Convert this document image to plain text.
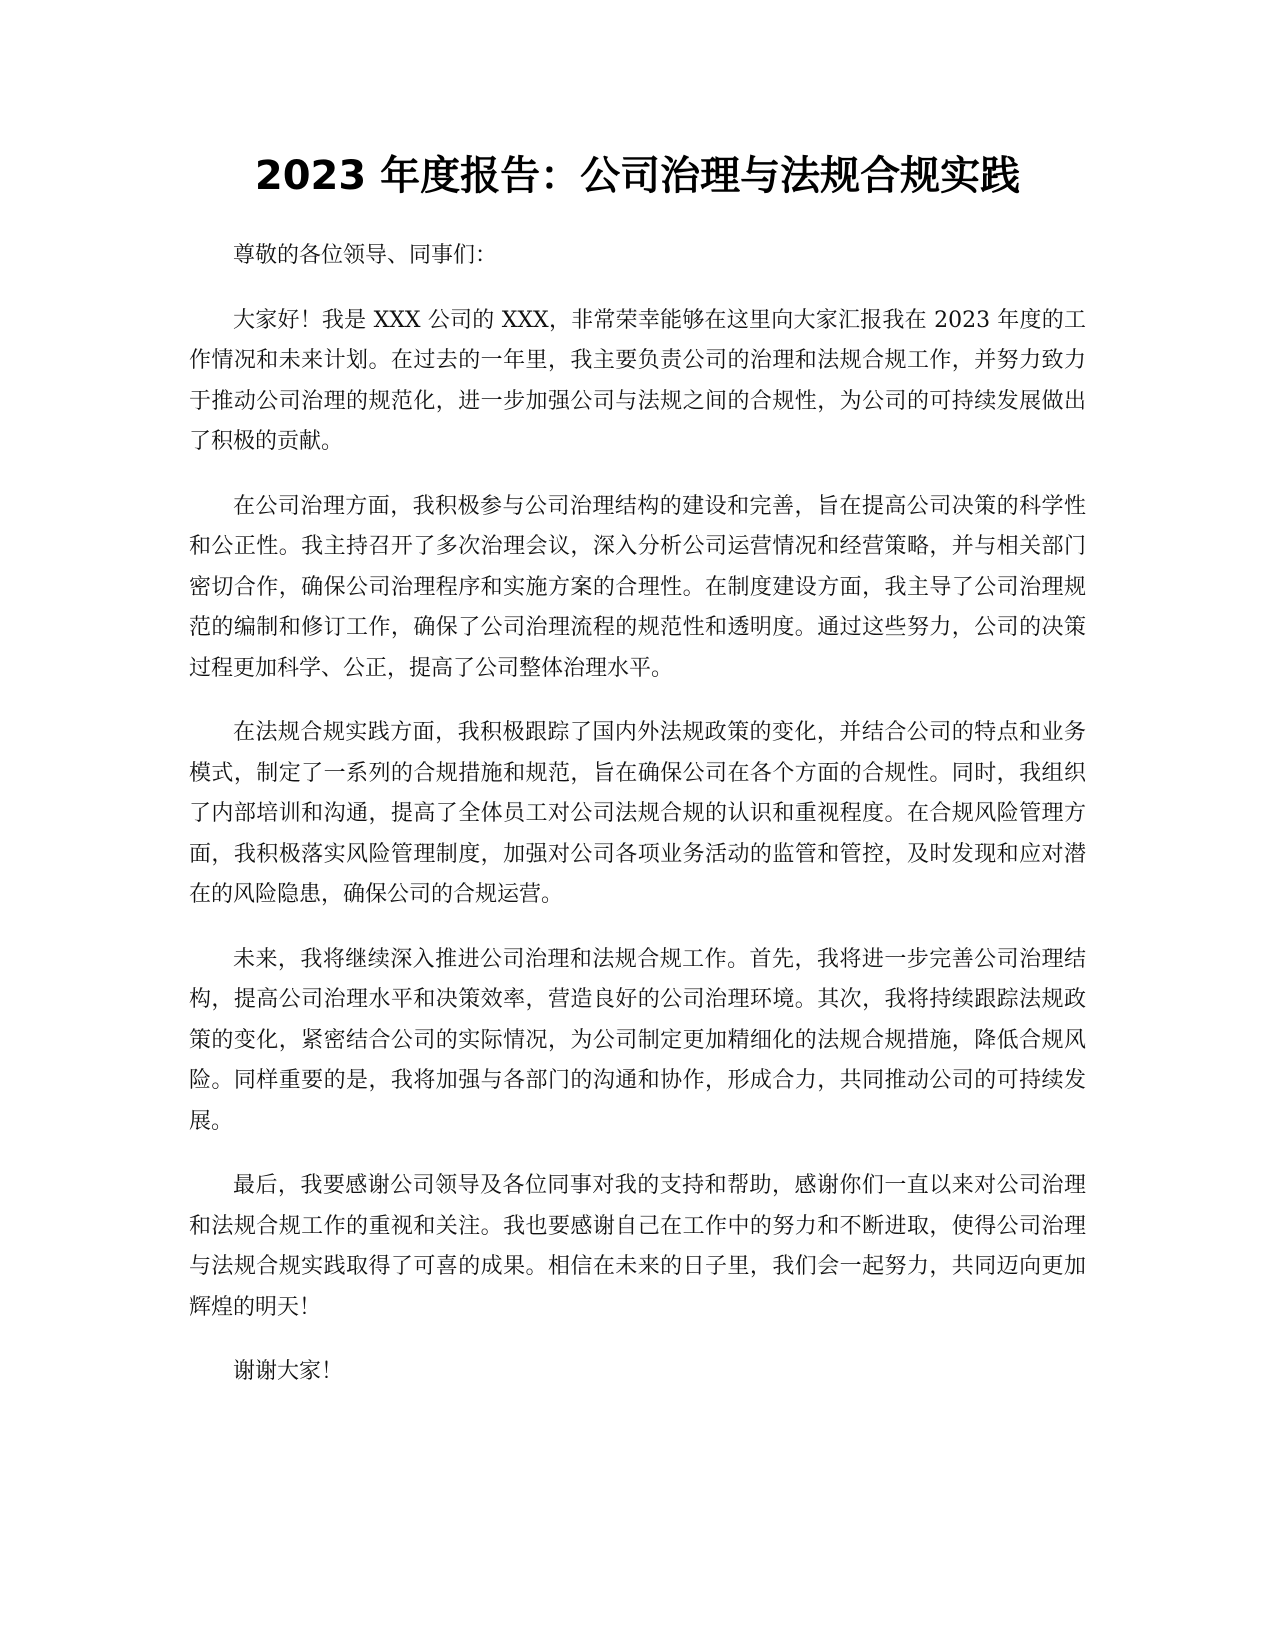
2023 年度报告：公司治理与法规合规实践

尊敬的各位领导、同事们：

大家好！我是 XXX 公司的 XXX，非常荣幸能够在这里向大家汇报我在 2023 年度的工作情况和未来计划。在过去的一年里，我主要负责公司的治理和法规合规工作，并努力致力于推动公司治理的规范化，进一步加强公司与法规之间的合规性，为公司的可持续发展做出了积极的贡献。

在公司治理方面，我积极参与公司治理结构的建设和完善，旨在提高公司决策的科学性和公正性。我主持召开了多次治理会议，深入分析公司运营情况和经营策略，并与相关部门密切合作，确保公司治理程序和实施方案的合理性。在制度建设方面，我主导了公司治理规范的编制和修订工作，确保了公司治理流程的规范性和透明度。通过这些努力，公司的决策过程更加科学、公正，提高了公司整体治理水平。

在法规合规实践方面，我积极跟踪了国内外法规政策的变化，并结合公司的特点和业务模式，制定了一系列的合规措施和规范，旨在确保公司在各个方面的合规性。同时，我组织了内部培训和沟通，提高了全体员工对公司法规合规的认识和重视程度。在合规风险管理方面，我积极落实风险管理制度，加强对公司各项业务活动的监管和管控，及时发现和应对潜在的风险隐患，确保公司的合规运营。

未来，我将继续深入推进公司治理和法规合规工作。首先，我将进一步完善公司治理结构，提高公司治理水平和决策效率，营造良好的公司治理环境。其次，我将持续跟踪法规政策的变化，紧密结合公司的实际情况，为公司制定更加精细化的法规合规措施，降低合规风险。同样重要的是，我将加强与各部门的沟通和协作，形成合力，共同推动公司的可持续发展。

最后，我要感谢公司领导及各位同事对我的支持和帮助，感谢你们一直以来对公司治理和法规合规工作的重视和关注。我也要感谢自己在工作中的努力和不断进取，使得公司治理与法规合规实践取得了可喜的成果。相信在未来的日子里，我们会一起努力，共同迈向更加辉煌的明天！

谢谢大家！
